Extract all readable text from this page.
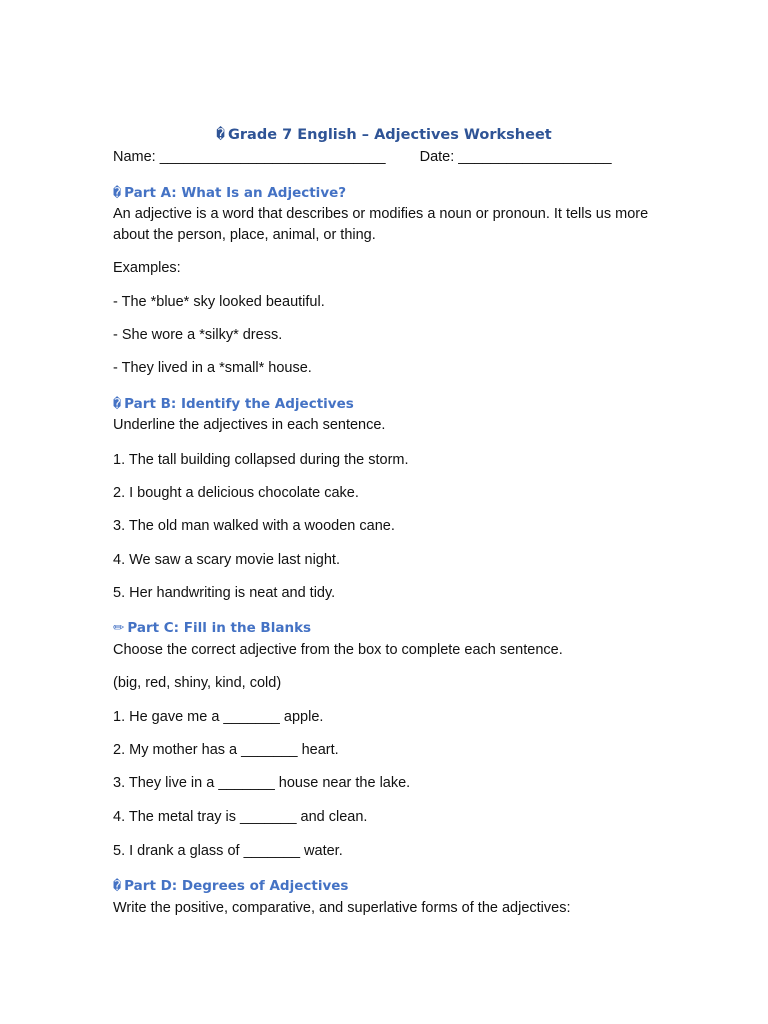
� Grade 7 English – Adjectives Worksheet
Name: ____________________________ Date: ___________________
� Part A: What Is an Adjective?
An adjective is a word that describes or modifies a noun or pronoun. It tells us more about the person, place, animal, or thing.
Examples:
- The *blue* sky looked beautiful.
- She wore a *silky* dress.
- They lived in a *small* house.
� Part B: Identify the Adjectives
Underline the adjectives in each sentence.
1. The tall building collapsed during the storm.
2. I bought a delicious chocolate cake.
3. The old man walked with a wooden cane.
4. We saw a scary movie last night.
5. Her handwriting is neat and tidy.
✏ Part C: Fill in the Blanks
Choose the correct adjective from the box to complete each sentence.
(big, red, shiny, kind, cold)
1. He gave me a _______ apple.
2. My mother has a _______ heart.
3. They live in a _______ house near the lake.
4. The metal tray is _______ and clean.
5. I drank a glass of _______ water.
� Part D: Degrees of Adjectives
Write the positive, comparative, and superlative forms of the adjectives:
